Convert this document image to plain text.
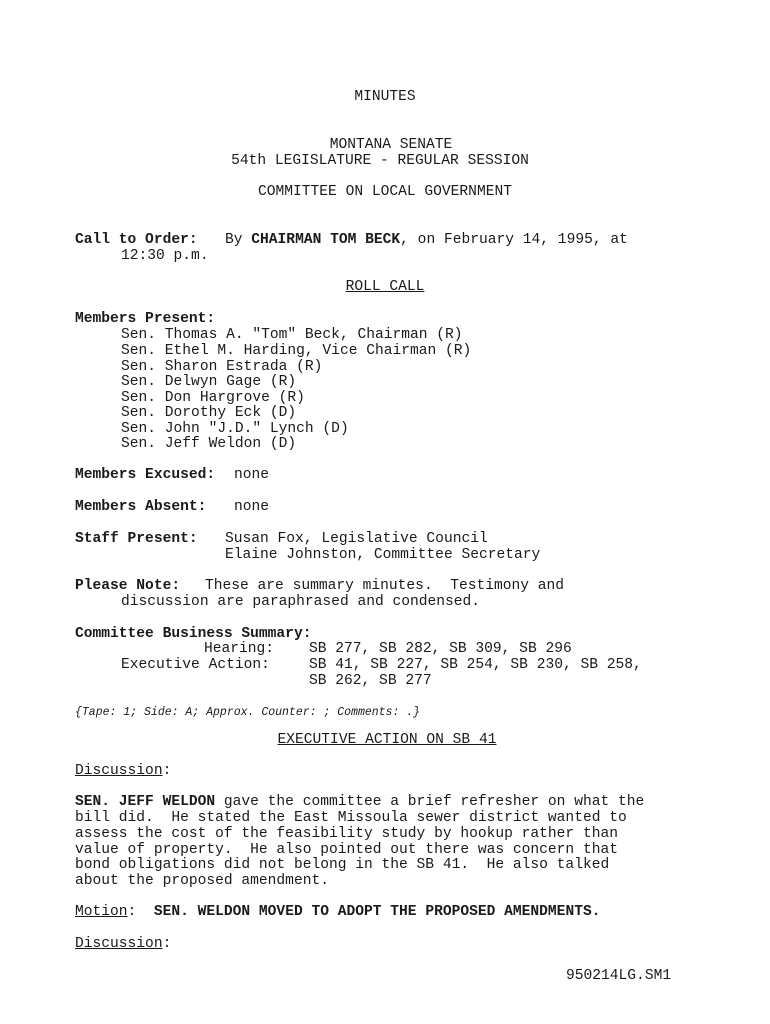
MINUTES
MONTANA SENATE
54th LEGISLATURE - REGULAR SESSION
COMMITTEE ON LOCAL GOVERNMENT
Call to Order: By CHAIRMAN TOM BECK, on February 14, 1995, at
12:30 p.m.
ROLL CALL
Members Present:
Sen. Thomas A. "Tom" Beck, Chairman (R)
Sen. Ethel M. Harding, Vice Chairman (R)
Sen. Sharon Estrada (R)
Sen. Delwyn Gage (R)
Sen. Don Hargrove (R)
Sen. Dorothy Eck (D)
Sen. John "J.D." Lynch (D)
Sen. Jeff Weldon (D)
Members Excused: none
Members Absent: none
Staff Present: Susan Fox, Legislative Council
Elaine Johnston, Committee Secretary
Please Note: These are summary minutes.  Testimony and
discussion are paraphrased and condensed.
Committee Business Summary:
Hearing: SB 277, SB 282, SB 309, SB 296
Executive Action:	SB 41, SB 227, SB 254, SB 230, SB 258,
SB 262, SB 277
{Tape: 1; Side: A; Approx. Counter: ; Comments: .}
EXECUTIVE ACTION ON SB 41
Discussion:
SEN. JEFF WELDON gave the committee a brief refresher on what the
bill did.  He stated the East Missoula sewer district wanted to
assess the cost of the feasibility study by hookup rather than
value of property.  He also pointed out there was concern that
bond obligations did not belong in the SB 41.  He also talked
about the proposed amendment.
Motion: SEN. WELDON MOVED TO ADOPT THE PROPOSED AMENDMENTS.
Discussion:
950214LG.SM1
